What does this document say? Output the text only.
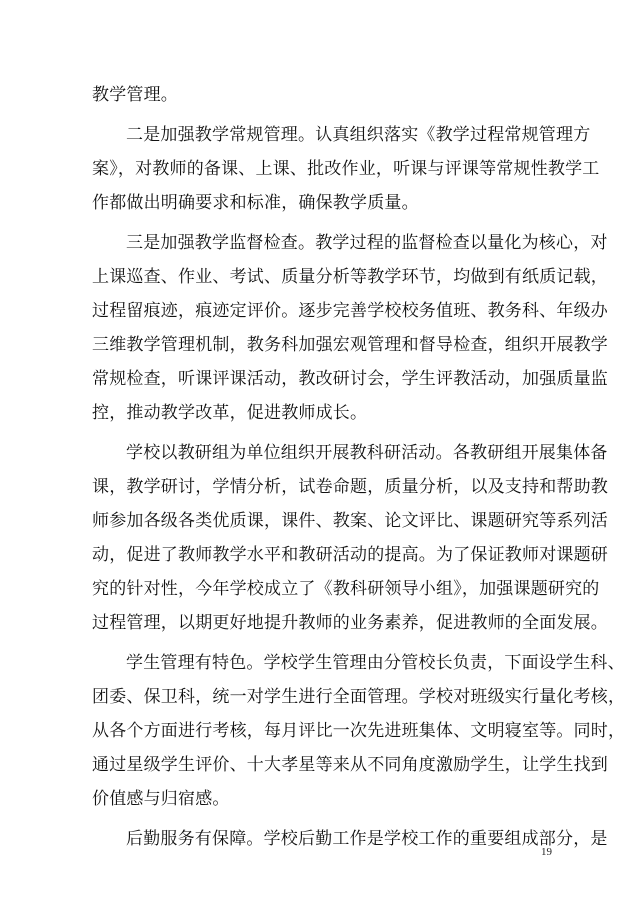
教学管理。
二是加强教学常规管理。认真组织落实《教学过程常规管理方
案》，对教师的备课、上课、批改作业，听课与评课等常规性教学工
作都做出明确要求和标准，确保教学质量。
三是加强教学监督检查。教学过程的监督检查以量化为核心，对
上课巡查、作业、考试、质量分析等教学环节，均做到有纸质记载，
过程留痕迹，痕迹定评价。逐步完善学校校务值班、教务科、年级办
三维教学管理机制，教务科加强宏观管理和督导检查，组织开展教学
常规检查，听课评课活动，教改研讨会，学生评教活动，加强质量监
控，推动教学改革，促进教师成长。
学校以教研组为单位组织开展教科研活动。各教研组开展集体备
课，教学研讨，学情分析，试卷命题，质量分析，以及支持和帮助教
师参加各级各类优质课，课件、教案、论文评比、课题研究等系列活
动，促进了教师教学水平和教研活动的提高。为了保证教师对课题研
究的针对性，今年学校成立了《教科研领导小组》，加强课题研究的
过程管理，以期更好地提升教师的业务素养，促进教师的全面发展。
学生管理有特色。学校学生管理由分管校长负责，下面设学生科、
团委、保卫科，统一对学生进行全面管理。学校对班级实行量化考核，
从各个方面进行考核，每月评比一次先进班集体、文明寝室等。同时，
通过星级学生评价、十大孝星等来从不同角度激励学生，让学生找到
价值感与归宿感。
后勤服务有保障。学校后勤工作是学校工作的重要组成部分，是
19
